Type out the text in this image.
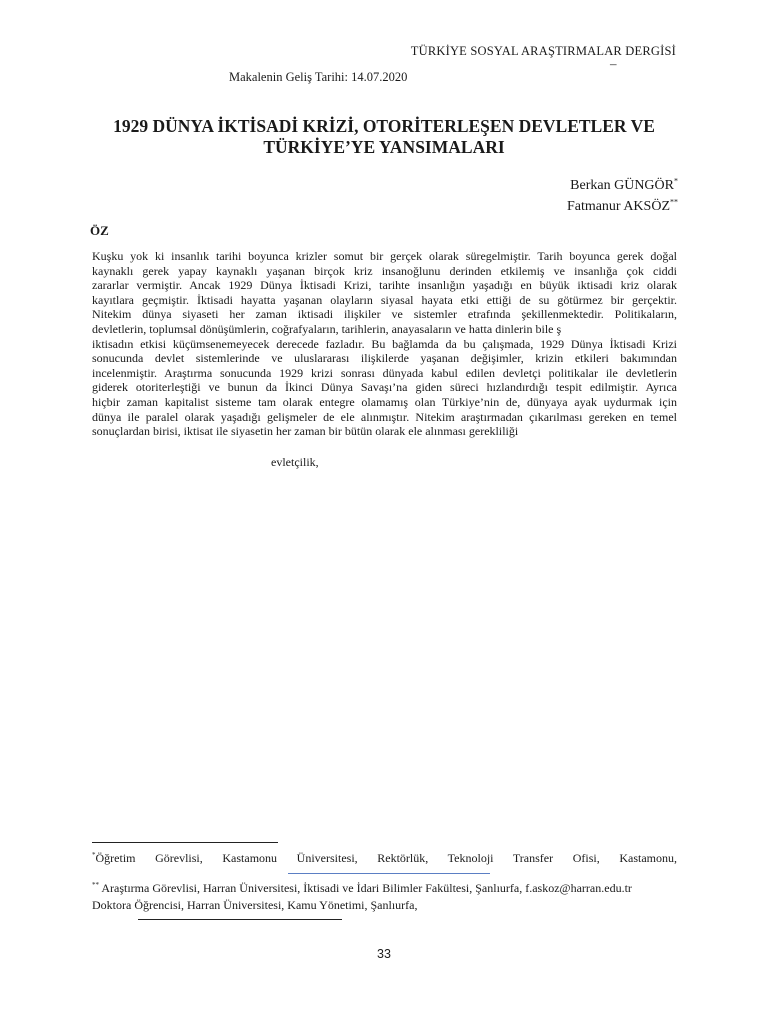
TÜRKİYE SOSYAL ARAŞTIRMALAR DERGİSİ
–
Makalenin Geliş Tarihi: 14.07.2020
1929 DÜNYA İKTİSADİ KRİZİ, OTORİTERLEŞEN DEVLETLER VE
TÜRKİYE’YE YANSIMALARI
Berkan GÜNGÖR*
Fatmanur AKSÖZ**
ÖZ
Kuşku yok ki insanlık tarihi boyunca krizler somut bir gerçek olarak süregelmiştir. Tarih boyunca gerek doğal
kaynaklı gerek yapay kaynaklı yaşanan birçok kriz insanoğlunu derinden etkilemiş ve insanlığa çok ciddi
zararlar vermiştir. Ancak 1929 Dünya İktisadi Krizi, tarihte insanlığın yaşadığı en büyük iktisadi kriz olarak
kayıtlara geçmiştir. İktisadi hayatta yaşanan olayların siyasal hayata etki ettiği de su götürmez bir gerçektir.
Nitekim dünya siyaseti her zaman iktisadi ilişkiler ve sistemler etrafında şekillenmektedir. Politikaların,
devletlerin, toplumsal dönüşümlerin, coğrafyaların, tarihlerin, anayasaların ve hatta dinlerin bile ş
iktisadın etkisi küçümsenemeyecek derecede fazladır. Bu bağlamda da bu çalışmada, 1929 Dünya İktisadi Krizi
sonucunda devlet sistemlerinde ve uluslararası ilişkilerde yaşanan değişimler, krizin etkileri bakımından
incelenmiştir. Araştırma sonucunda 1929 krizi sonrası dünyada kabul edilen devletçi politikalar ile devletlerin
giderek otoriterleştiği ve bunun da İkinci Dünya Savaşı’na giden süreci hızlandırdığı tespit edilmiştir. Ayrıca
hiçbir zaman kapitalist sisteme tam olarak entegre olamamış olan Türkiye’nin de, dünyaya ayak uydurmak için
dünya ile paralel olarak yaşadığı gelişmeler de ele alınmıştır. Nitekim araştırmadan çıkarılması gereken en temel
sonuçlardan birisi, iktisat ile siyasetin her zaman bir bütün olarak ele alınması gerekliliği
evletçilik,
*Öğretim Görevlisi, Kastamonu Üniversitesi, Rektörlük, Teknoloji Transfer Ofisi, Kastamonu,
** Araştırma Görevlisi, Harran Üniversitesi, İktisadi ve İdari Bilimler Fakültesi, Şanlıurfa, f.askoz@harran.edu.tr
Doktora Öğrencisi, Harran Üniversitesi, Kamu Yönetimi, Şanlıurfa,
33
